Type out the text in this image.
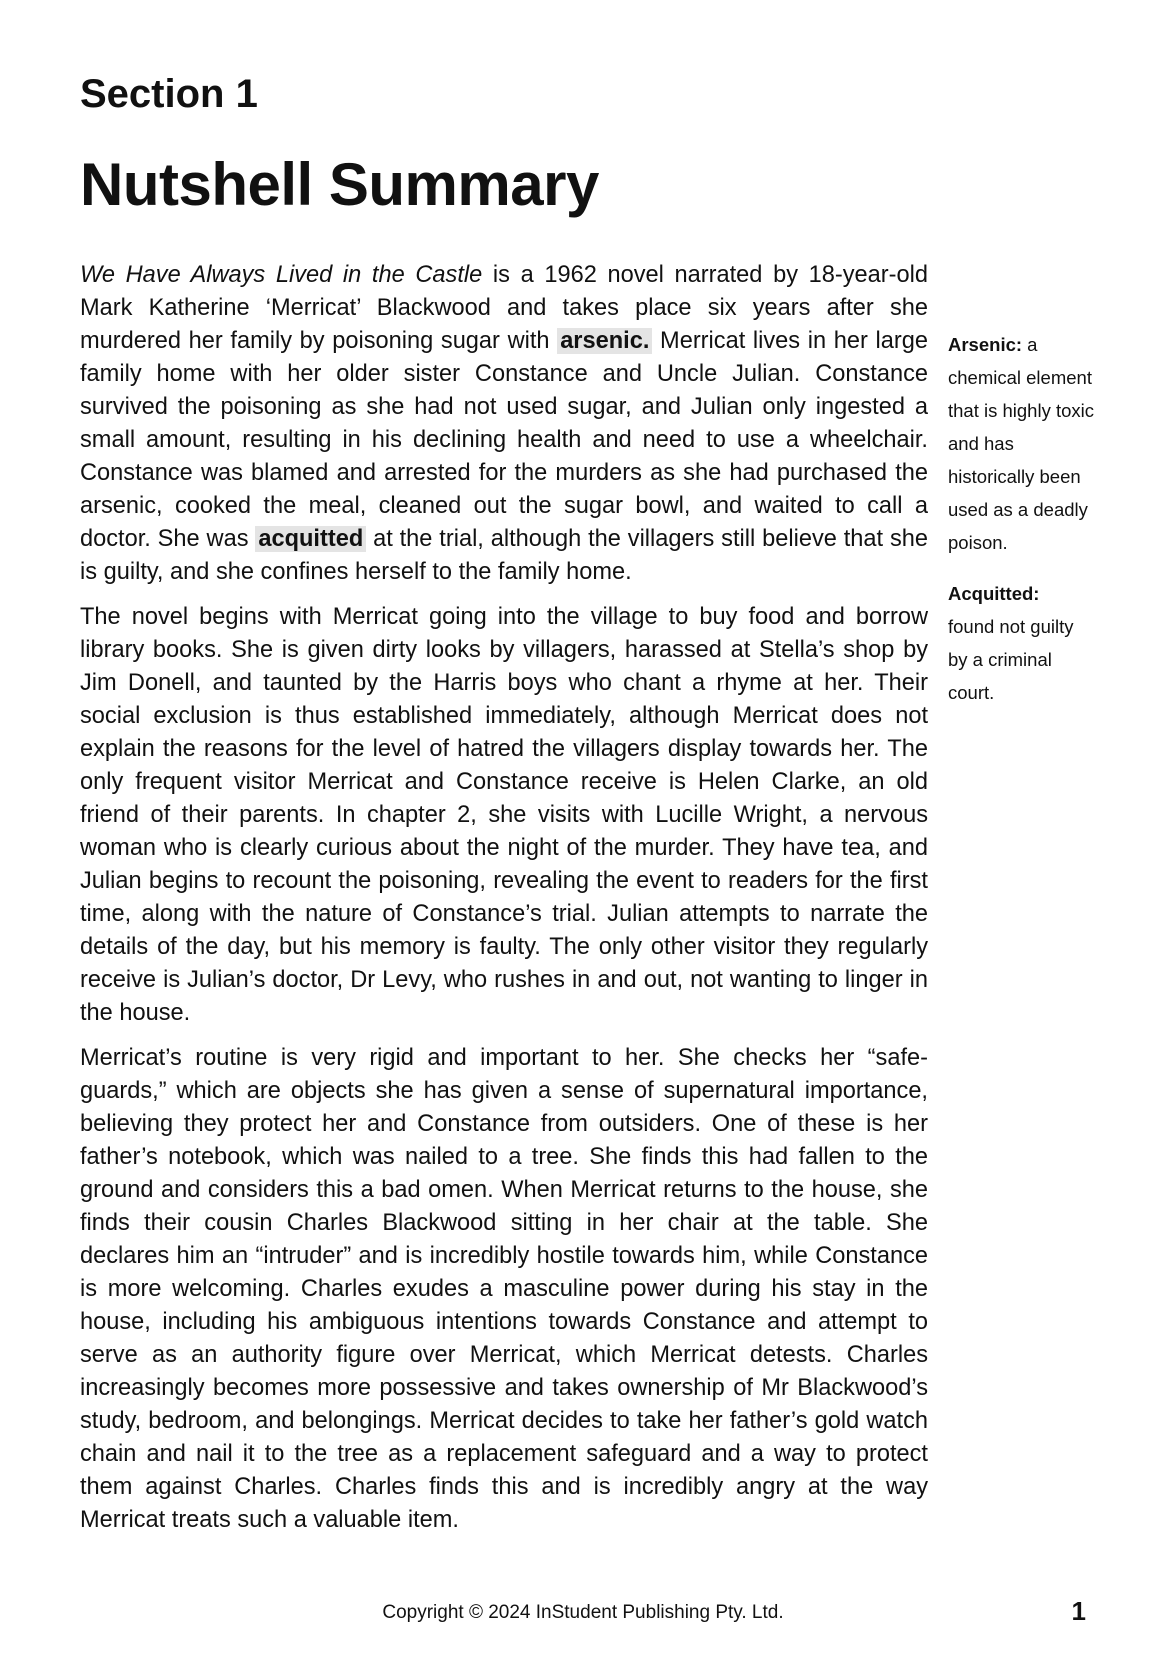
Section 1
Nutshell Summary

We Have Always Lived in the Castle is a 1962 novel narrated by 18-year-old Mark Katherine ‘Merricat’ Blackwood and takes place six years after she murdered her family by poisoning sugar with arsenic. Merricat lives in her large family home with her older sister Constance and Uncle Julian. Constance survived the poisoning as she had not used sugar, and Julian only ingested a small amount, resulting in his declining health and need to use a wheelchair. Constance was blamed and arrested for the murders as she had purchased the arsenic, cooked the meal, cleaned out the sugar bowl, and waited to call a doctor. She was acquitted at the trial, although the villagers still believe that she is guilty, and she confines herself to the family home.

The novel begins with Merricat going into the village to buy food and borrow library books. She is given dirty looks by villagers, harassed at Stella’s shop by Jim Donell, and taunted by the Harris boys who chant a rhyme at her. Their social exclusion is thus established immediately, although Merricat does not explain the reasons for the level of hatred the villagers display towards her. The only frequent visitor Merricat and Constance receive is Helen Clarke, an old friend of their parents. In chapter 2, she visits with Lucille Wright, a nervous woman who is clearly curious about the night of the murder. They have tea, and Julian begins to recount the poisoning, revealing the event to readers for the first time, along with the nature of Constance’s trial. Julian attempts to narrate the details of the day, but his memory is faulty. The only other visitor they regularly receive is Julian’s doctor, Dr Levy, who rushes in and out, not wanting to linger in the house.

Merricat’s routine is very rigid and important to her. She checks her “safe-guards,” which are objects she has given a sense of supernatural importance, believing they protect her and Constance from outsiders. One of these is her father’s notebook, which was nailed to a tree. She finds this had fallen to the ground and considers this a bad omen. When Merricat returns to the house, she finds their cousin Charles Blackwood sitting in her chair at the table. She declares him an “intruder” and is incredibly hostile towards him, while Constance is more welcoming. Charles exudes a masculine power during his stay in the house, including his ambiguous intentions towards Constance and attempt to serve as an authority figure over Merricat, which Merricat detests. Charles increasingly becomes more possessive and takes ownership of Mr Blackwood’s study, bedroom, and belongings. Merricat decides to take her father’s gold watch chain and nail it to the tree as a replacement safeguard and a way to protect them against Charles. Charles finds this and is incredibly angry at the way Merricat treats such a valuable item.

Arsenic: a chemical element that is highly toxic and has historically been used as a deadly poison.

Acquitted:
found not guilty by a criminal court.

Copyright © 2024 InStudent Publishing Pty. Ltd.	1
